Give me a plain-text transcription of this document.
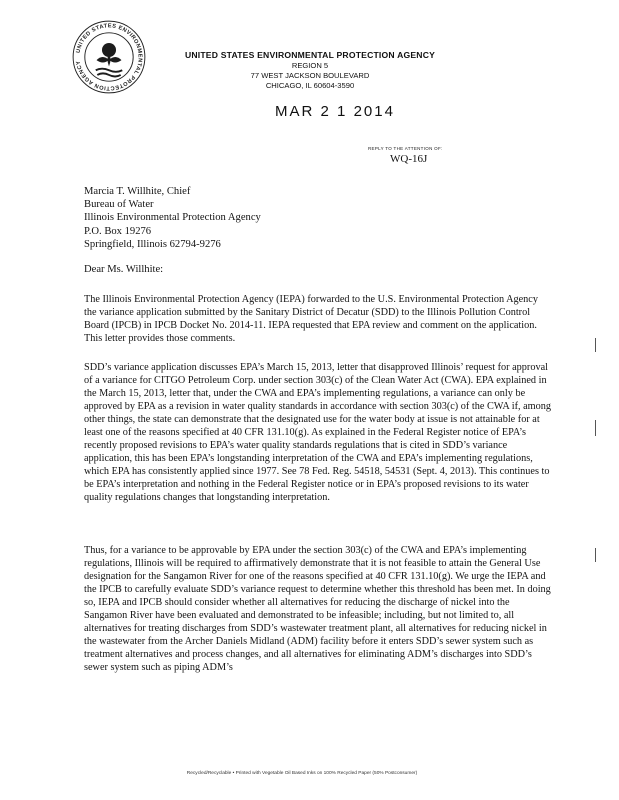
UNITED STATES ENVIRONMENTAL PROTECTION AGENCY
UNITED STATES ENVIRONMENTAL PROTECTION AGENCY
REGION 5
77 WEST JACKSON BOULEVARD
CHICAGO, IL 60604-3590
MAR 2 1 2014
REPLY TO THE ATTENTION OF:
WQ-16J
Marcia T. Willhite, Chief
Bureau of Water
Illinois Environmental Protection Agency
P.O. Box 19276
Springfield, Illinois 62794-9276
Dear Ms. Willhite:

The Illinois Environmental Protection Agency (IEPA) forwarded to the U.S. Environmental Protection Agency the variance application submitted by the Sanitary District of Decatur (SDD) to the Illinois Pollution Control Board (IPCB) in IPCB Docket No. 2014-11. IEPA requested that EPA review and comment on the application. This letter provides those comments.

SDD’s variance application discusses EPA’s March 15, 2013, letter that disapproved Illinois’ request for approval of a variance for CITGO Petroleum Corp. under section 303(c) of the Clean Water Act (CWA). EPA explained in the March 15, 2013, letter that, under the CWA and EPA’s implementing regulations, a variance can only be approved by EPA as a revision in water quality standards in accordance with section 303(c) of the CWA if, among other things, the state can demonstrate that the designated use for the water body at issue is not attainable for at least one of the reasons specified at 40 CFR 131.10(g). As explained in the Federal Register notice of EPA’s recently proposed revisions to EPA’s water quality standards regulations that is cited in SDD’s variance application, this has been EPA’s longstanding interpretation of the CWA and EPA’s implementing regulations, which EPA has consistently applied since 1977. See 78 Fed. Reg. 54518, 54531 (Sept. 4, 2013). This continues to be EPA’s interpretation and nothing in the Federal Register notice or in EPA’s proposed revisions to its water quality regulations changes that longstanding interpretation.

Thus, for a variance to be approvable by EPA under the section 303(c) of the CWA and EPA’s implementing regulations, Illinois will be required to affirmatively demonstrate that it is not feasible to attain the General Use designation for the Sangamon River for one of the reasons specified at 40 CFR 131.10(g). We urge the IEPA and the IPCB to carefully evaluate SDD’s variance request to determine whether this threshold has been met. In doing so, IEPA and IPCB should consider whether all alternatives for reducing the discharge of nickel into the Sangamon River have been evaluated and demonstrated to be infeasible; including, but not limited to, all alternatives for treating discharges from SDD’s wastewater treatment plant, all alternatives for reducing nickel in the wastewater from the Archer Daniels Midland (ADM) facility before it enters SDD’s sewer system such as treatment alternatives and process changes, and all alternatives for eliminating ADM’s discharges into SDD’s sewer system such as piping ADM’s

Recycled/Recyclable • Printed with Vegetable Oil Based Inks on 100% Recycled Paper (50% Postconsumer)
